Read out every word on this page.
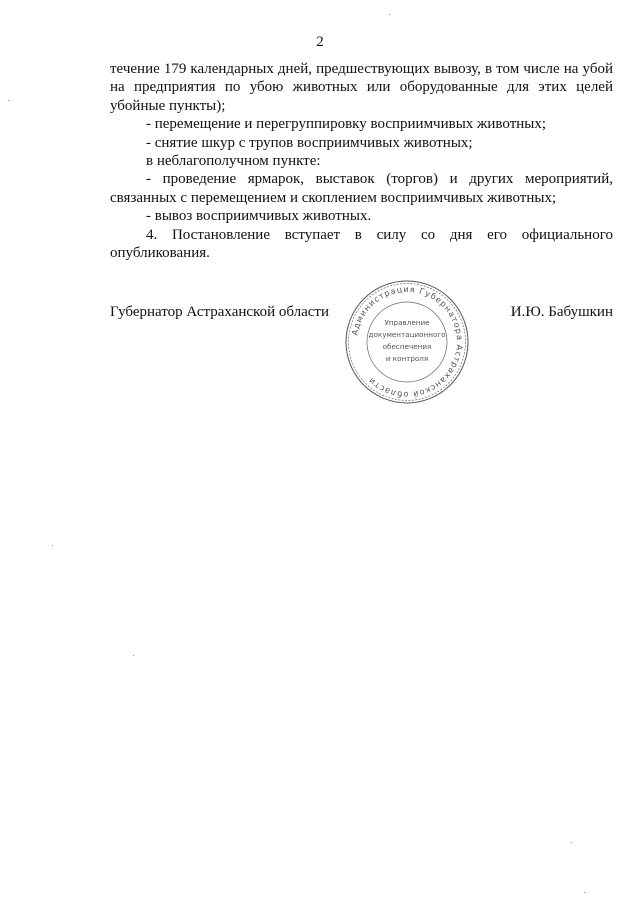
2

течение 179 календарных дней, предшествующих вывозу, в том числе на убой на предприятия по убою животных или оборудованные для этих целей убойные пункты);

- перемещение и перегруппировку восприимчивых животных;

- снятие шкур с трупов восприимчивых животных;

в неблагополучном пункте:

- проведение ярмарок, выставок (торгов) и других мероприятий, связанных с перемещением и скоплением восприимчивых животных;

- вывоз восприимчивых животных.

4. Постановление вступает в силу со дня его официального опубликования.

Губернатор Астраханской области	И.Ю. Бабушкин
Администрация Губернатора Астраханской области
Управление
документационного
обеспечения
и контроля
